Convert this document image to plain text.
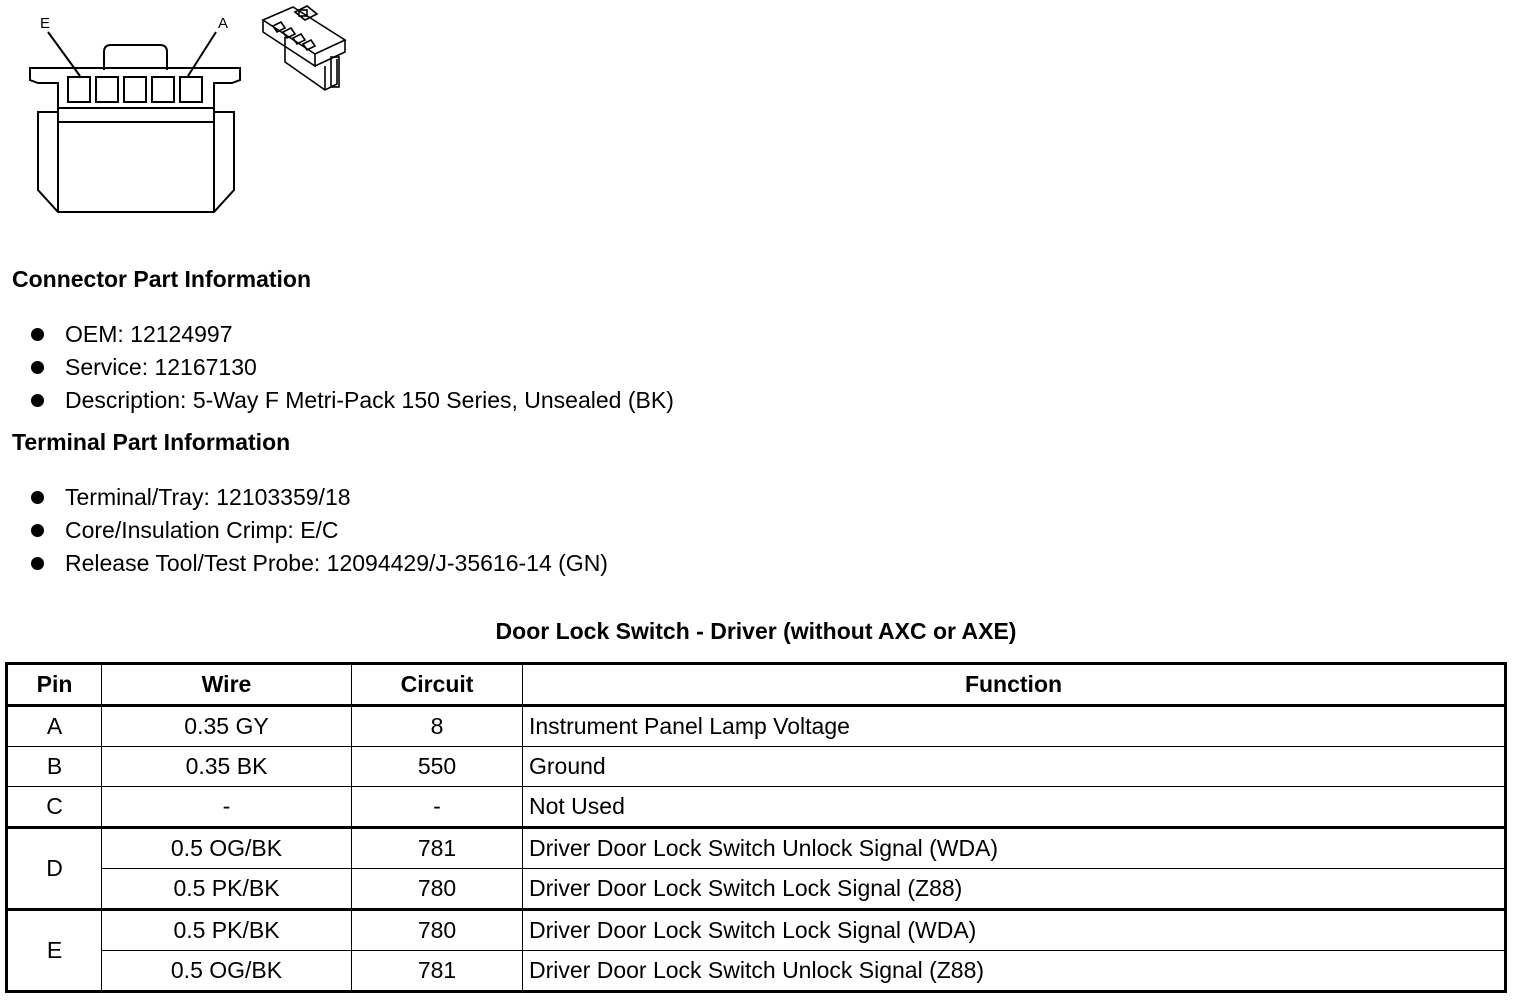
E	A
Connector Part Information
OEM: 12124997
Service: 12167130
Description: 5-Way F Metri-Pack 150 Series, Unsealed (BK)
Terminal Part Information
Terminal/Tray: 12103359/18
Core/Insulation Crimp: E/C
Release Tool/Test Probe: 12094429/J-35616-14 (GN)
Door Lock Switch - Driver (without AXC or AXE)
Pin	Wire	Circuit	Function
A	0.35 GY	8	Instrument Panel Lamp Voltage
B	0.35 BK	550	Ground
C	-	-	Not Used
D	0.5 OG/BK	781	Driver Door Lock Switch Unlock Signal (WDA)
	0.5 PK/BK	780	Driver Door Lock Switch Lock Signal (Z88)
E	0.5 PK/BK	780	Driver Door Lock Switch Lock Signal (WDA)
	0.5 OG/BK	781	Driver Door Lock Switch Unlock Signal (Z88)
